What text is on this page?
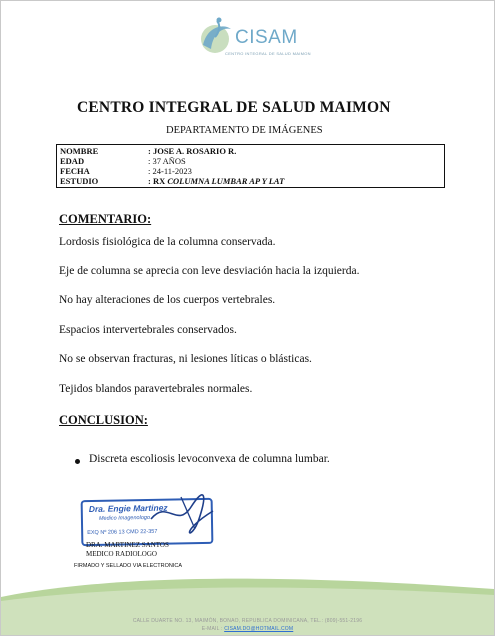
CISAM
CENTRO INTEGRAL DE SALUD MAIMON
CENTRO INTEGRAL DE SALUD MAIMON
DEPARTAMENTO DE IMÁGENES
NOMBRE	: JOSE A. ROSARIO R.
EDAD	: 37 AÑOS
FECHA	: 24-11-2023
ESTUDIO	: RX COLUMNA LUMBAR AP Y LAT
COMENTARIO:
Lordosis fisiológica de la columna conservada.
Eje de columna se aprecia con leve desviación hacia la izquierda.
No hay alteraciones de los cuerpos vertebrales.
Espacios intervertebrales conservados.
No se observan fracturas, ni lesiones líticas o blásticas.
Tejidos blandos paravertebrales normales.
CONCLUSION:
Discreta escoliosis levoconvexa de columna lumbar.
Dra. Engie Martinez
Medico Imagenologo
EXQ Nº 206 13 CMD 22-357
DRA. MARTINEZ SANTOS
MEDICO RADIOLOGO
FIRMADO Y SELLADO VIA ELECTRONICA
CALLE DUARTE NO. 13, MAIMÓN, BONAO, REPUBLICA DOMINICANA, TEL.: (809)-551-2196
E-MAIL : CISAM.DO@HOTMAIL.COM
